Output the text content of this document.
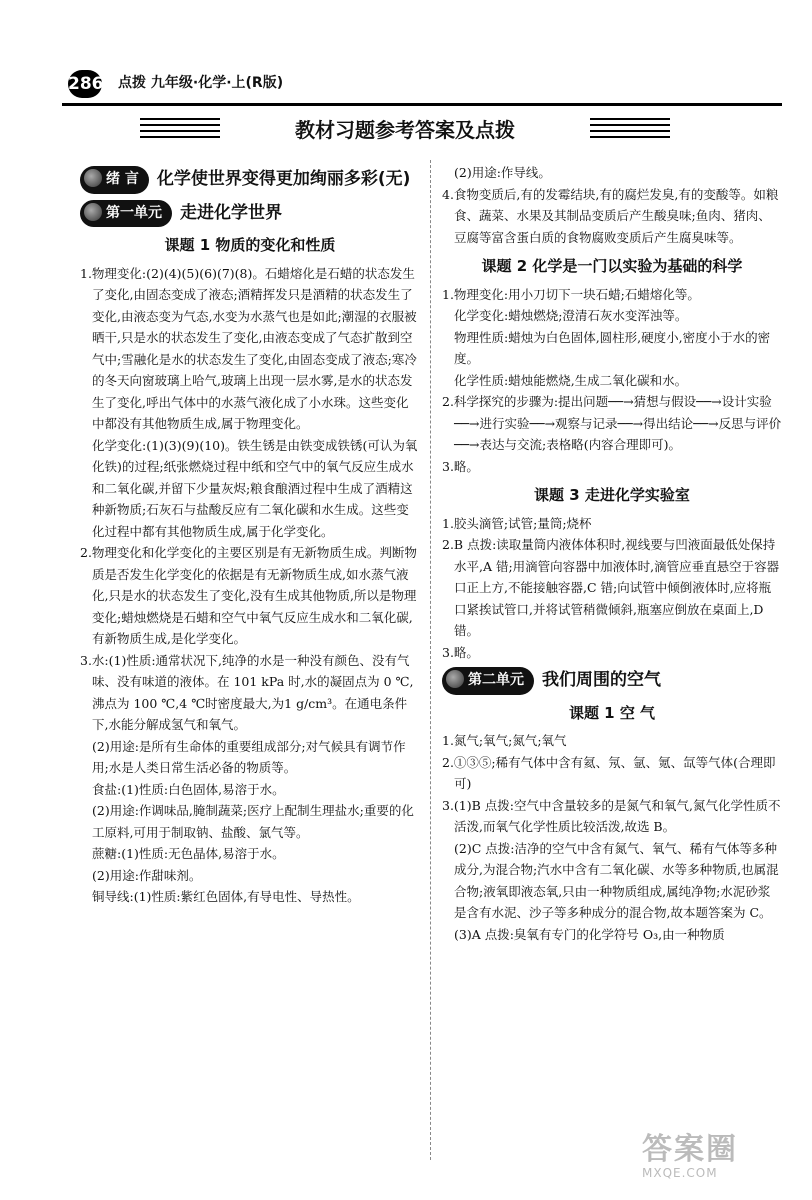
286 点拨 九年级·化学·上(R版)
教材习题参考答案及点拨
绪 言	化学使世界变得更加绚丽多彩(无)
第一单元	走进化学世界
课题 1 物质的变化和性质

1.物理变化:(2)(4)(5)(6)(7)(8)。石蜡熔化是石蜡的状态发生了变化,由固态变成了液态;酒精挥发只是酒精的状态发生了变化,由液态变为气态,水变为水蒸气也是如此;潮湿的衣服被晒干,只是水的状态发生了变化,由液态变成了气态扩散到空气中;雪融化是水的状态发生了变化,由固态变成了液态;寒冷的冬天向窗玻璃上哈气,玻璃上出现一层水雾,是水的状态发生了变化,呼出气体中的水蒸气液化成了小水珠。这些变化中都没有其他物质生成,属于物理变化。

化学变化:(1)(3)(9)(10)。铁生锈是由铁变成铁锈(可认为氧化铁)的过程;纸张燃烧过程中纸和空气中的氧气反应生成水和二氧化碳,并留下少量灰烬;粮食酿酒过程中生成了酒精这种新物质;石灰石与盐酸反应有二氧化碳和水生成。这些变化过程中都有其他物质生成,属于化学变化。

2.物理变化和化学变化的主要区别是有无新物质生成。判断物质是否发生化学变化的依据是有无新物质生成,如水蒸气液化,只是水的状态发生了变化,没有生成其他物质,所以是物理变化;蜡烛燃烧是石蜡和空气中氧气反应生成水和二氧化碳,有新物质生成,是化学变化。

3.水:(1)性质:通常状况下,纯净的水是一种没有颜色、没有气味、没有味道的液体。在 101 kPa 时,水的凝固点为 0 ℃,沸点为 100 ℃,4 ℃时密度最大,为1 g/cm³。在通电条件下,水能分解成氢气和氧气。

(2)用途:是所有生命体的重要组成部分;对气候具有调节作用;水是人类日常生活必备的物质等。

食盐:(1)性质:白色固体,易溶于水。

(2)用途:作调味品,腌制蔬菜;医疗上配制生理盐水;重要的化工原料,可用于制取钠、盐酸、氯气等。

蔗糖:(1)性质:无色晶体,易溶于水。

(2)用途:作甜味剂。

铜导线:(1)性质:紫红色固体,有导电性、导热性。

(2)用途:作导线。

4.食物变质后,有的发霉结块,有的腐烂发臭,有的变酸等。如粮食、蔬菜、水果及其制品变质后产生酸臭味;鱼肉、猪肉、豆腐等富含蛋白质的食物腐败变质后产生腐臭味等。

课题 2 化学是一门以实验为基础的科学

1.物理变化:用小刀切下一块石蜡;石蜡熔化等。

化学变化:蜡烛燃烧;澄清石灰水变浑浊等。

物理性质:蜡烛为白色固体,圆柱形,硬度小,密度小于水的密度。

化学性质:蜡烛能燃烧,生成二氧化碳和水。

2.科学探究的步骤为:提出问题──→猜想与假设──→设计实验──→进行实验──→观察与记录──→得出结论──→反思与评价──→表达与交流;表格略(内容合理即可)。

3.略。

课题 3 走进化学实验室

1.胶头滴管;试管;量筒;烧杯

2.B 点拨:读取量筒内液体体积时,视线要与凹液面最低处保持水平,A 错;用滴管向容器中加液体时,滴管应垂直悬空于容器口正上方,不能接触容器,C 错;向试管中倾倒液体时,应将瓶口紧挨试管口,并将试管稍微倾斜,瓶塞应倒放在桌面上,D 错。

3.略。

第二单元	我们周围的空气
课题 1 空 气

1.氮气;氧气;氮气;氧气

2.①③⑤;稀有气体中含有氦、氖、氩、氪、氙等气体(合理即可)

3.(1)B 点拨:空气中含量较多的是氮气和氧气,氮气化学性质不活泼,而氧气化学性质比较活泼,故选 B。

(2)C 点拨:洁净的空气中含有氮气、氧气、稀有气体等多种成分,为混合物;汽水中含有二氧化碳、水等多种物质,也属混合物;液氧即液态氧,只由一种物质组成,属纯净物;水泥砂浆是含有水泥、沙子等多种成分的混合物,故本题答案为 C。

(3)A 点拨:臭氧有专门的化学符号 O₃,由一种物质

答案圈
MXQE.COM
